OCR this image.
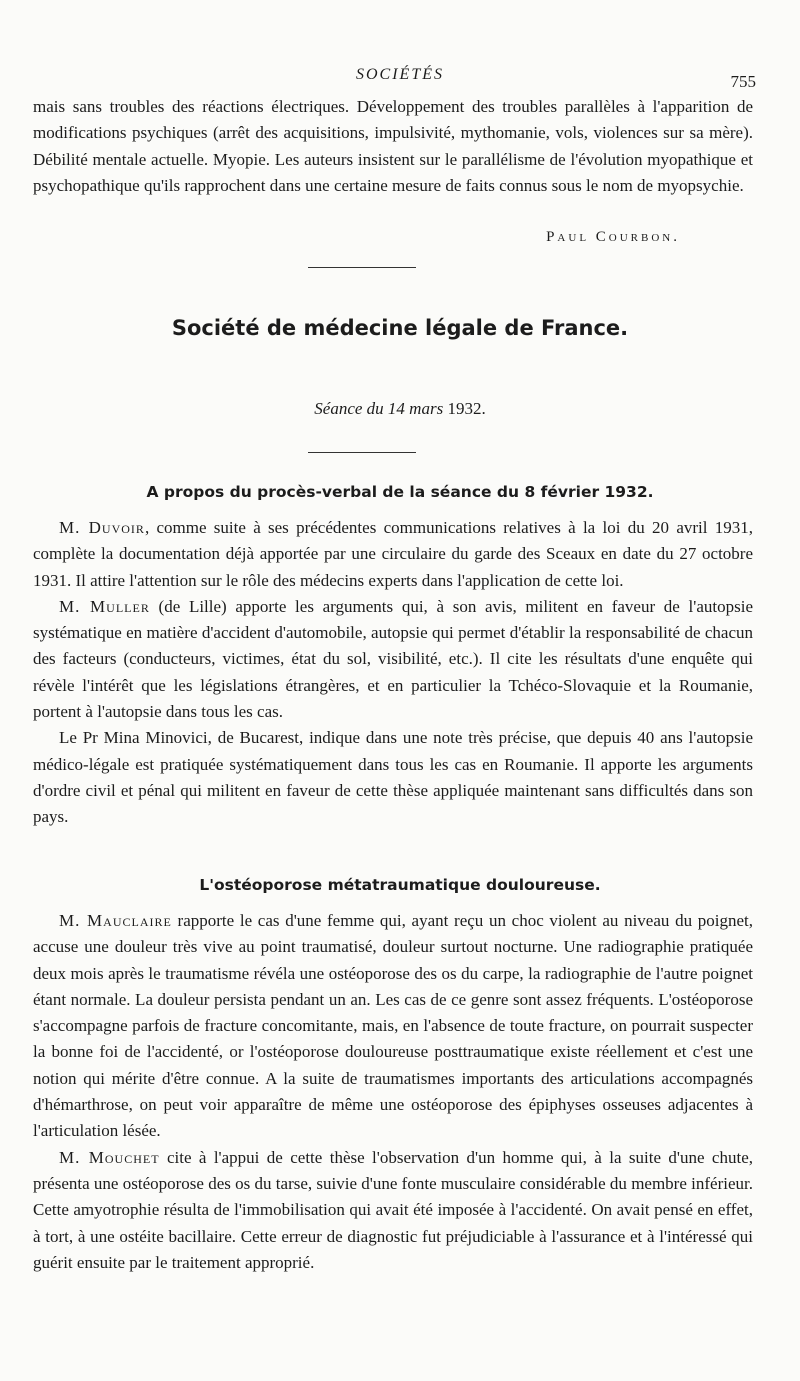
SOCIÉTÉS	755

mais sans troubles des réactions électriques. Développement des troubles parallèles à l'apparition de modifications psychiques (arrêt des acquisitions, impulsivité, mythomanie, vols, violences sur sa mère). Débilité mentale actuelle. Myopie. Les auteurs insistent sur le parallélisme de l'évolution myopathique et psychopathique qu'ils rapprochent dans une certaine mesure de faits connus sous le nom de myopsychie.

Paul Courbon.
Société de médecine légale de France.
Séance du 14 mars 1932.
A propos du procès-verbal de la séance du 8 février 1932.

M. Duvoir, comme suite à ses précédentes communications relatives à la loi du 20 avril 1931, complète la documentation déjà apportée par une circulaire du garde des Sceaux en date du 27 octobre 1931. Il attire l'attention sur le rôle des médecins experts dans l'application de cette loi.

M. Muller (de Lille) apporte les arguments qui, à son avis, militent en faveur de l'autopsie systématique en matière d'accident d'automobile, autopsie qui permet d'établir la responsabilité de chacun des facteurs (conducteurs, victimes, état du sol, visibilité, etc.). Il cite les résultats d'une enquête qui révèle l'intérêt que les législations étrangères, et en particulier la Tchéco-Slovaquie et la Roumanie, portent à l'autopsie dans tous les cas.

Le Pr Mina Minovici, de Bucarest, indique dans une note très précise, que depuis 40 ans l'autopsie médico-légale est pratiquée systématiquement dans tous les cas en Roumanie. Il apporte les arguments d'ordre civil et pénal qui militent en faveur de cette thèse appliquée maintenant sans difficultés dans son pays.

L'ostéoporose métatraumatique douloureuse.

M. Mauclaire rapporte le cas d'une femme qui, ayant reçu un choc violent au niveau du poignet, accuse une douleur très vive au point traumatisé, douleur surtout nocturne. Une radiographie pratiquée deux mois après le traumatisme révéla une ostéoporose des os du carpe, la radiographie de l'autre poignet étant normale. La douleur persista pendant un an. Les cas de ce genre sont assez fréquents. L'ostéoporose s'accompagne parfois de fracture concomitante, mais, en l'absence de toute fracture, on pourrait suspecter la bonne foi de l'accidenté, or l'ostéoporose douloureuse posttraumatique existe réellement et c'est une notion qui mérite d'être connue. A la suite de traumatismes importants des articulations accompagnés d'hémarthrose, on peut voir apparaître de même une ostéoporose des épiphyses osseuses adjacentes à l'articulation lésée.

M. Mouchet cite à l'appui de cette thèse l'observation d'un homme qui, à la suite d'une chute, présenta une ostéoporose des os du tarse, suivie d'une fonte musculaire considérable du membre inférieur. Cette amyotrophie résulta de l'immobilisation qui avait été imposée à l'accidenté. On avait pensé en effet, à tort, à une ostéite bacillaire. Cette erreur de diagnostic fut préjudiciable à l'assurance et à l'intéressé qui guérit ensuite par le traitement approprié.
